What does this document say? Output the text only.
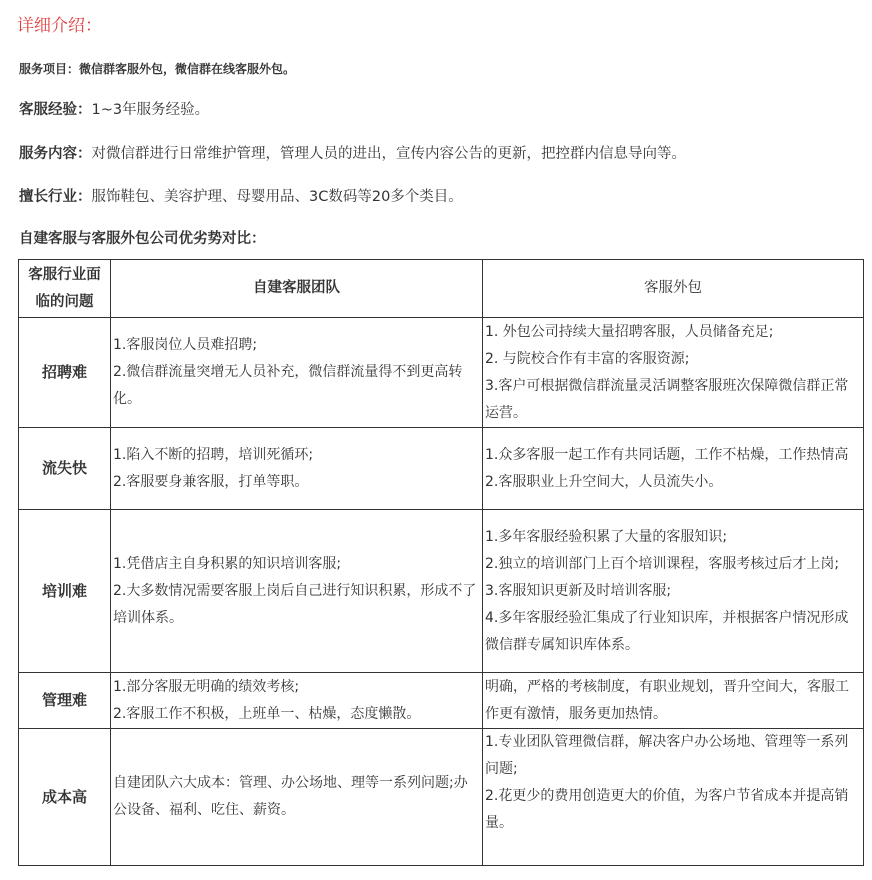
详细介绍：
服务项目：微信群客服外包，微信群在线客服外包。
客服经验：1~3年服务经验。
服务内容：对微信群进行日常维护管理，管理人员的进出，宣传内容公告的更新，把控群内信息导向等。
擅长行业：服饰鞋包、美容护理、母婴用品、3C数码等20多个类目。
自建客服与客服外包公司优劣势对比：
客服行业面临的问题	自建客服团队	客服外包
招聘难	1.客服岗位人员难招聘;
2.微信群流量突增无人员补充，微信群流量得不到更高转化。	1. 外包公司持续大量招聘客服，人员储备充足;
2. 与院校合作有丰富的客服资源;
3.客户可根据微信群流量灵活调整客服班次保障微信群正常运营。

流失快	1.陷入不断的招聘，培训死循环;
2.客服要身兼客服，打单等职。	1.众多客服一起工作有共同话题，工作不枯燥，工作热情高
2.客服职业上升空间大，人员流失小。

培训难	1.凭借店主自身积累的知识培训客服;
2.大多数情况需要客服上岗后自己进行知识积累，形成不了培训体系。	1.多年客服经验积累了大量的客服知识;
2.独立的培训部门上百个培训课程，客服考核过后才上岗;
3.客服知识更新及时培训客服;
4.多年客服经验汇集成了行业知识库，并根据客户情况形成微信群专属知识库体系。

管理难	1.部分客服无明确的绩效考核;
2.客服工作不积极，上班单一、枯燥，态度懒散。	明确，严格的考核制度，有职业规划，晋升空间大，客服工作更有激情，服务更加热情。

成本高	自建团队六大成本：管理、办公场地、理等一系列问题;办公设备、福利、吃住、薪资。	1.专业团队管理微信群，解决客户办公场地、管理等一系列问题;
2.花更少的费用创造更大的价值，为客户节省成本并提高销量。
